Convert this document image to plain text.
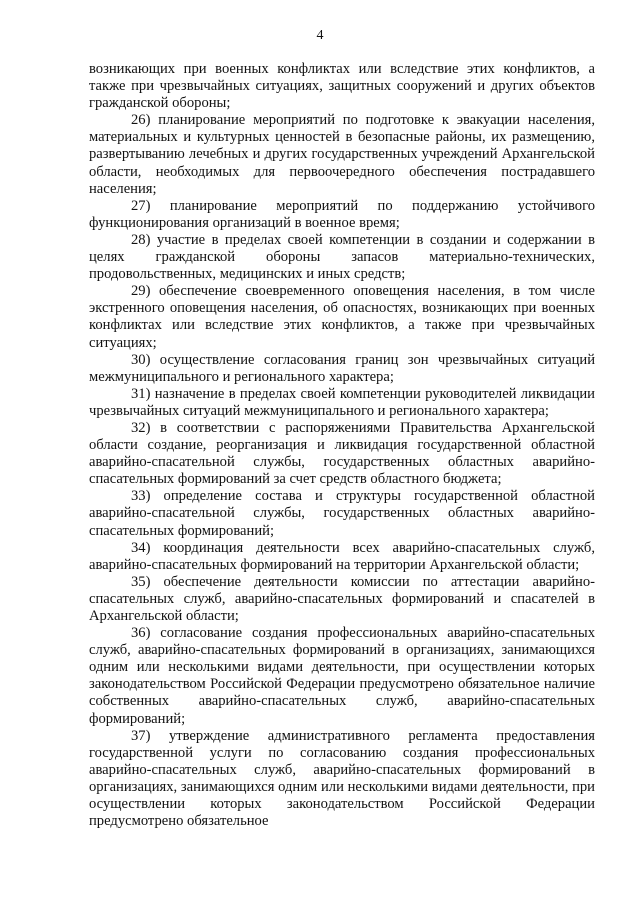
4

возникающих при военных конфликтах или вследствие этих конфликтов, а также при чрезвычайных ситуациях, защитных сооружений и других объектов гражданской обороны;

26) планирование мероприятий по подготовке к эвакуации населения, материальных и культурных ценностей в безопасные районы, их размещению, развертыванию лечебных и других государственных учреждений Архангельской области, необходимых для первоочередного обеспечения пострадавшего населения;

27) планирование мероприятий по поддержанию устойчивого функционирования организаций в военное время;

28) участие в пределах своей компетенции в создании и содержании в целях гражданской обороны запасов материально-технических, продовольственных, медицинских и иных средств;

29) обеспечение своевременного оповещения населения, в том числе экстренного оповещения населения, об опасностях, возникающих при военных конфликтах или вследствие этих конфликтов, а также при чрезвычайных ситуациях;

30) осуществление согласования границ зон чрезвычайных ситуаций межмуниципального и регионального характера;

31) назначение в пределах своей компетенции руководителей ликвидации чрезвычайных ситуаций межмуниципального и регионального характера;

32) в соответствии с распоряжениями Правительства Архангельской области создание, реорганизация и ликвидация государственной областной аварийно-спасательной службы, государственных областных аварийно-спасательных формирований за счет средств областного бюджета;

33) определение состава и структуры государственной областной аварийно-спасательной службы, государственных областных аварийно-спасательных формирований;

34) координация деятельности всех аварийно-спасательных служб, аварийно-спасательных формирований на территории Архангельской области;

35) обеспечение деятельности комиссии по аттестации аварийно-спасательных служб, аварийно-спасательных формирований и спасателей в Архангельской области;

36) согласование создания профессиональных аварийно-спасательных служб, аварийно-спасательных формирований в организациях, занимающихся одним или несколькими видами деятельности, при осуществлении которых законодательством Российской Федерации предусмотрено обязательное наличие собственных аварийно-спасательных служб, аварийно-спасательных формирований;

37) утверждение административного регламента предоставления государственной услуги по согласованию создания профессиональных аварийно-спасательных служб, аварийно-спасательных формирований в организациях, занимающихся одним или несколькими видами деятельности, при осуществлении которых законодательством Российской Федерации предусмотрено обязательное
